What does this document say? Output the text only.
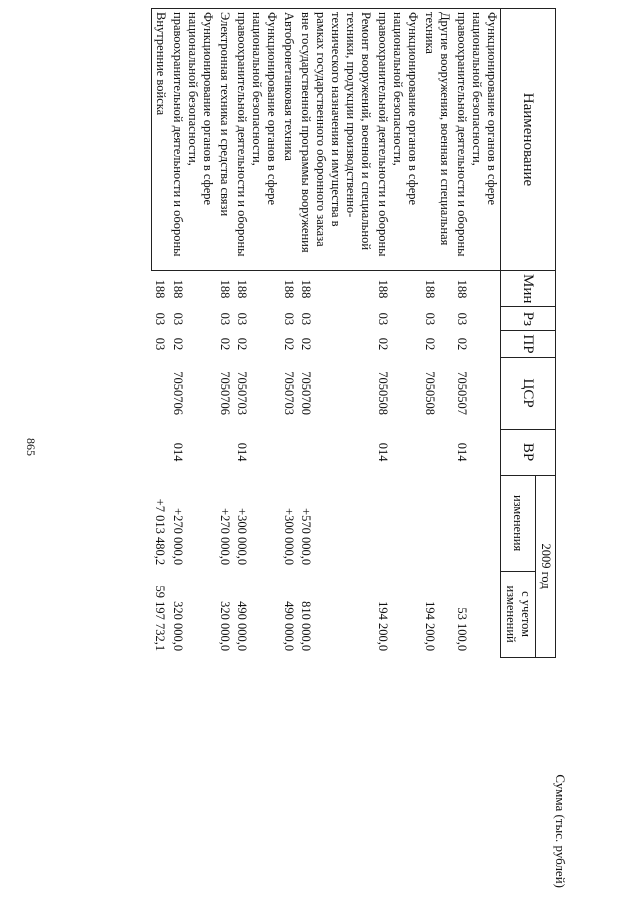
865
Сумма (тыс. рублей)
Наименование	Мин	Рз	ПР	ЦСР	ВР	2009 год	
						изменения	с учетом изменений
Функционирование органов в сфере национальной безопасности, правоохранительной деятельности и обороны	188	03	02	7050507	014		53 100,0
Другие вооружения, военная и специальная техника	188	03	02	7050508			194 200,0
Функционирование органов в сфере национальной безопасности, правоохранительной деятельности и обороны	188	03	02	7050508	014		194 200,0
Ремонт вооружений, военной и специальной техники, продукции производственно-технического назначения и имущества в рамках государственного оборонного заказа вне государственной программы вооружения	188	03	02	7050700		+570 000,0	810 000,0
Автобронетанковая техника	188	03	02	7050703		+300 000,0	490 000,0
Функционирование органов в сфере национальной безопасности, правоохранительной деятельности и обороны	188	03	02	7050703	014	+300 000,0	490 000,0
Электронная техника и средства связи	188	03	02	7050706		+270 000,0	320 000,0
Функционирование органов в сфере национальной безопасности, правоохранительной деятельности и обороны	188	03	02	7050706	014	+270 000,0	320 000,0
Внутренние войска	188	03	03			+7 013 480,2	59 197 732,1
